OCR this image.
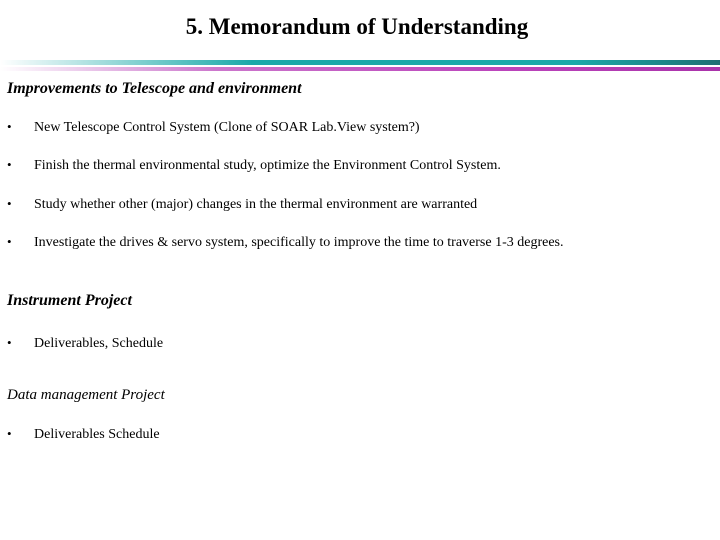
5. Memorandum of Understanding
Improvements to Telescope and environment
•	New Telescope Control System (Clone of SOAR Lab.View system?)
•	Finish the thermal environmental study, optimize the Environment Control System.
•	Study whether other (major) changes in the thermal environment are warranted
•	Investigate the drives & servo system, specifically to improve the time to traverse 1-3 degrees.
Instrument Project
•	Deliverables, Schedule
Data management Project
•	Deliverables Schedule
